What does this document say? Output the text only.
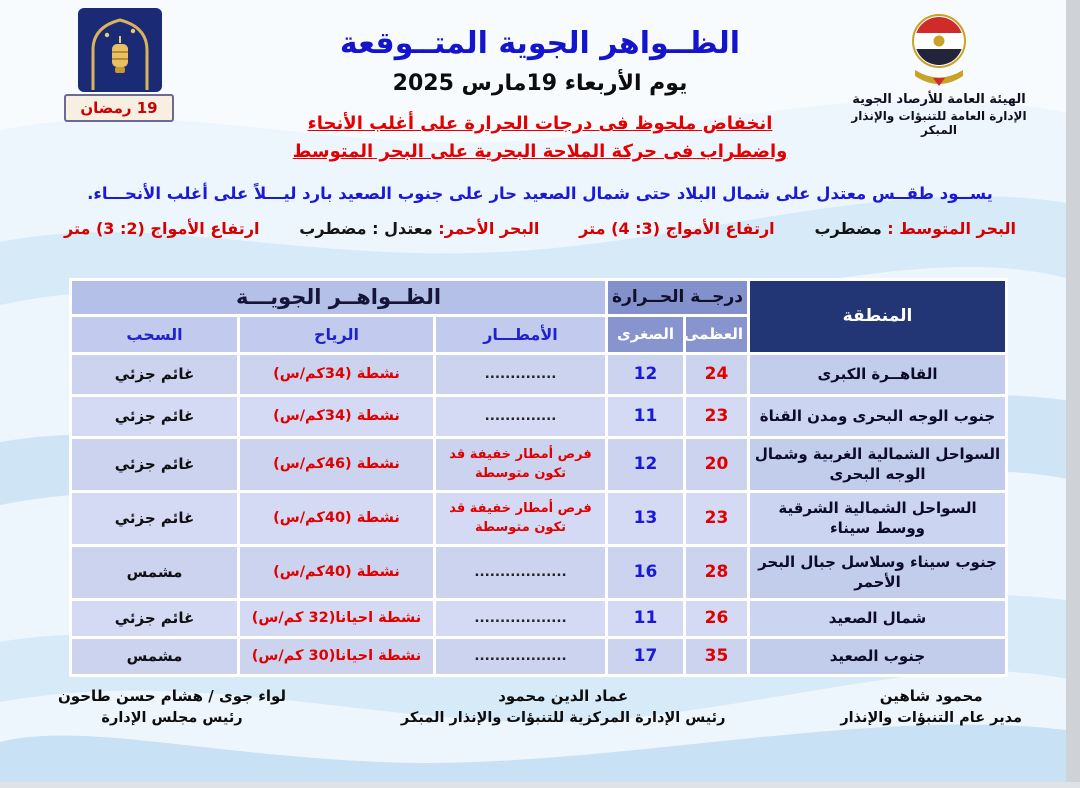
19 رمضان	الهيئة العامة للأرصاد الجوية
الإدارة العامة للتنبؤات والإنذار المبكر
الظــواهر الجوية المتــوقعة
يوم الأربعاء 19مارس 2025
انخفاض ملحوظ فى درجات الحرارة على أغلب الأنحاء
واضطراب فى حركة الملاحة البحرية على البحر المتوسط
يســود طقــس معتدل على شمال البلاد حتى شمال الصعيد حار على جنوب الصعيد بارد ليـــلاً على أغلب الأنحـــاء.
البحر المتوسط : مضطرب
ارتفاع الأمواج (3: 4) متر
البحر الأحمر: معتدل : مضطرب
ارتفاع الأمواج (2: 3) متر
المنطقة	درجــة الحــرارة		الظــواهــر الجويـــة		
	العظمى	الصغرى	الأمطـــار	الرياح	السحب
القاهــرة الكبرى	24	12	..............	نشطة (34كم/س)	غائم جزئي
جنوب الوجه البحرى ومدن القناة	23	11	..............	نشطة (34كم/س)	غائم جزئي
السواحل الشمالية الغربية وشمال الوجه البحرى	20	12	فرص أمطار خفيفة قد تكون متوسطة	نشطة (46كم/س)	غائم جزئي
السواحل الشمالية الشرقية ووسط سيناء	23	13	فرص أمطار خفيفة قد تكون متوسطة	نشطة (40كم/س)	غائم جزئي
جنوب سيناء وسلاسل جبال البحر الأحمر	28	16	..................	نشطة (40كم/س)	مشمس
شمال الصعيد	26	11	..................	نشطة احيانا(32 كم/س)	غائم جزئي
جنوب الصعيد	35	17	..................	نشطة احيانا(30 كم/س)	مشمس
محمود شاهين
مدير عام التنبؤات والإنذار
عماد الدين محمود
رئيس الإدارة المركزية للتنبؤات والإنذار المبكر
لواء جوى / هشام حسن طاحون
رئيس مجلس الإدارة
